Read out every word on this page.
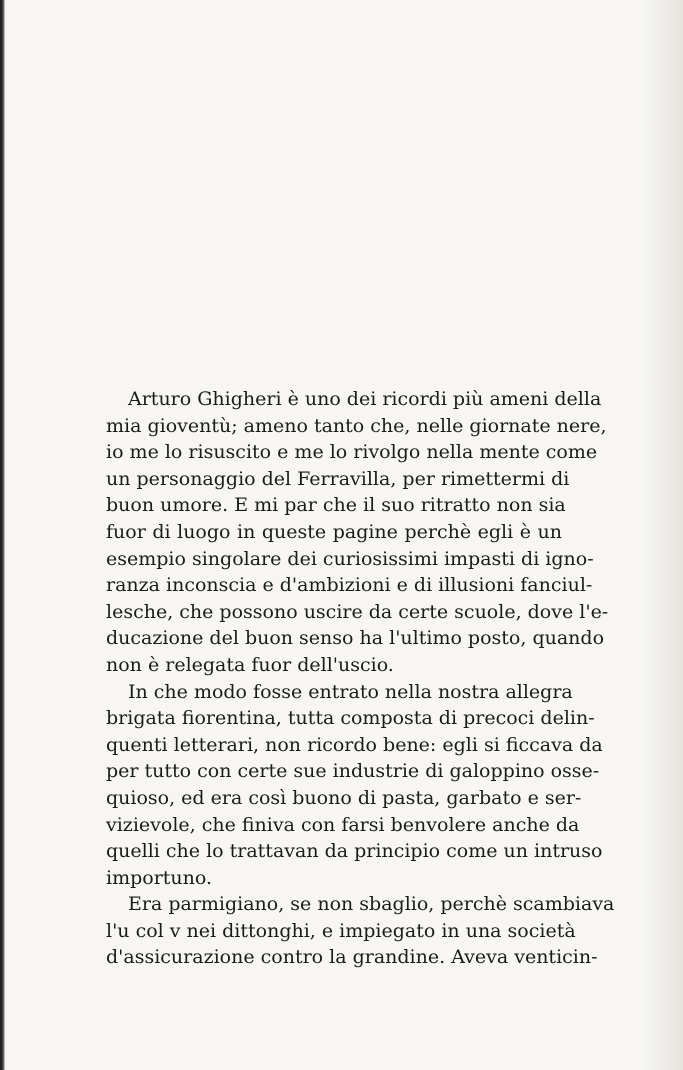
Arturo Ghigheri è uno dei ricordi più ameni della
mia gioventù; ameno tanto che, nelle giornate nere,
io me lo risuscito e me lo rivolgo nella mente come
un personaggio del Ferravilla, per rimettermi di
buon umore. E mi par che il suo ritratto non sia
fuor di luogo in queste pagine perchè egli è un
esempio singolare dei curiosissimi impasti di igno-
ranza inconscia e d'ambizioni e di illusioni fanciul-
lesche, che possono uscire da certe scuole, dove l'e-
ducazione del buon senso ha l'ultimo posto, quando
non è relegata fuor dell'uscio.
In che modo fosse entrato nella nostra allegra
brigata fiorentina, tutta composta di precoci delin-
quenti letterari, non ricordo bene: egli si ficcava da
per tutto con certe sue industrie di galoppino osse-
quioso, ed era così buono di pasta, garbato e ser-
vizievole, che finiva con farsi benvolere anche da
quelli che lo trattavan da principio come un intruso
importuno.
Era parmigiano, se non sbaglio, perchè scambiava
l'u col v nei dittonghi, e impiegato in una società
d'assicurazione contro la grandine. Aveva venticin-
